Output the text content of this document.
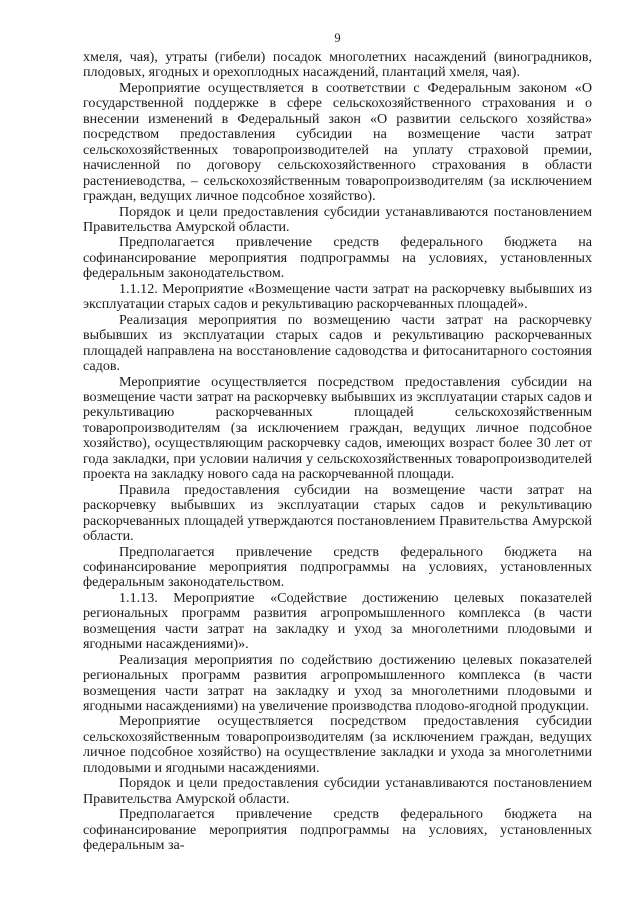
9

хмеля, чая), утраты (гибели) посадок многолетних насаждений (виноградников, плодовых, ягодных и орехоплодных насаждений, плантаций хмеля, чая).

Мероприятие осуществляется в соответствии с Федеральным законом «О государственной поддержке в сфере сельскохозяйственного страхования и о внесении изменений в Федеральный закон «О развитии сельского хозяйства» посредством предоставления субсидии на возмещение части затрат сельскохозяйственных товаропроизводителей на уплату страховой премии, начисленной по договору сельскохозяйственного страхования в области растениеводства, – сельскохозяйственным товаропроизводителям (за исключением граждан, ведущих личное подсобное хозяйство).

Порядок и цели предоставления субсидии устанавливаются постановлением Правительства Амурской области.

Предполагается привлечение средств федерального бюджета на софинансирование мероприятия подпрограммы на условиях, установленных федеральным законодательством.

1.1.12. Мероприятие «Возмещение части затрат на раскорчевку выбывших из эксплуатации старых садов и рекультивацию раскорчеванных площадей».

Реализация мероприятия по возмещению части затрат на раскорчевку выбывших из эксплуатации старых садов и рекультивацию раскорчеванных площадей направлена на восстановление садоводства и фитосанитарного состояния садов.

Мероприятие осуществляется посредством предоставления субсидии на возмещение части затрат на раскорчевку выбывших из эксплуатации старых садов и рекультивацию раскорчеванных площадей сельскохозяйственным товаропроизводителям (за исключением граждан, ведущих личное подсобное хозяйство), осуществляющим раскорчевку садов, имеющих возраст более 30 лет от года закладки, при условии наличия у сельскохозяйственных товаропроизводителей проекта на закладку нового сада на раскорчеванной площади.

Правила предоставления субсидии на возмещение части затрат на раскорчевку выбывших из эксплуатации старых садов и рекультивацию раскорчеванных площадей утверждаются постановлением Правительства Амурской области.

Предполагается привлечение средств федерального бюджета на софинансирование мероприятия подпрограммы на условиях, установленных федеральным законодательством.

1.1.13. Мероприятие «Содействие достижению целевых показателей региональных программ развития агропромышленного комплекса (в части возмещения части затрат на закладку и уход за многолетними плодовыми и ягодными насаждениями)».

Реализация мероприятия по содействию достижению целевых показателей региональных программ развития агропромышленного комплекса (в части возмещения части затрат на закладку и уход за многолетними плодовыми и ягодными насаждениями) на увеличение производства плодово-ягодной продукции.

Мероприятие осуществляется посредством предоставления субсидии сельскохозяйственным товаропроизводителям (за исключением граждан, ведущих личное подсобное хозяйство) на осуществление закладки и ухода за многолетними плодовыми и ягодными насаждениями.

Порядок и цели предоставления субсидии устанавливаются постановлением Правительства Амурской области.

Предполагается привлечение средств федерального бюджета на софинансирование мероприятия подпрограммы на условиях, установленных федеральным за-
